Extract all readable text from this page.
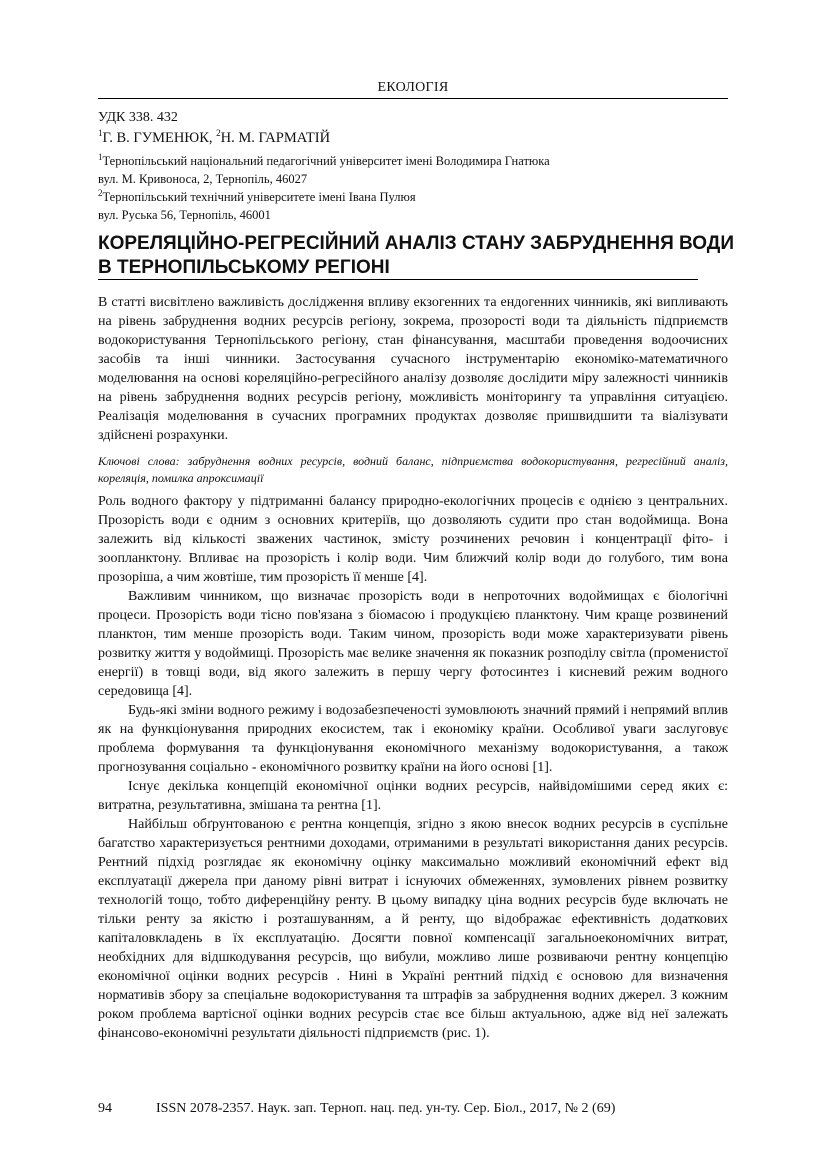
ЕКОЛОГІЯ
УДК 338. 432
$^1$Г. В. ГУМЕНЮК, $^2$Н. М. ГАРМАТІЙ
$^1$Тернопільський національний педагогічний університет імені Володимира Гнатюка
вул. М. Кривоноса, 2, Тернопіль, 46027
$^2$Тернопільський технічний університете імені Івана Пулюя
вул. Руська 56, Тернопіль, 46001
КОРЕЛЯЦІЙНО-РЕГРЕСІЙНИЙ АНАЛІЗ СТАНУ ЗАБРУДНЕННЯ ВОДИ В ТЕРНОПІЛЬСЬКОМУ РЕГІОНІ

В статті висвітлено важливість дослідження впливу екзогенних та ендогенних чинників, які випливають на рівень забруднення водних ресурсів регіону, зокрема, прозорості води та діяльність підприємств водокористування Тернопільського регіону, стан фінансування, масштаби проведення водоочисних засобів та інші чинники. Застосування сучасного інструментарію економіко-математичного моделювання на основі кореляційно-регресійного аналізу дозволяє дослідити міру залежності чинників на рівень забруднення водних ресурсів регіону, можливість моніторингу та управління ситуацією. Реалізація моделювання в сучасних програмних продуктах дозволяє пришвидшити та віалізувати здійснені розрахунки.

Ключові слова: забруднення водних ресурсів, водний баланс, підприємства водокористування, регресійний аналіз, кореляція, помилка апроксимації

Роль водного фактору у підтриманні балансу природно-екологічних процесів є однією з центральних. Прозорість води є одним з основних критеріїв, що дозволяють судити про стан водоймища. Вона залежить від кількості зважених частинок, змісту розчинених речовин і концентрації фіто- і зоопланктону. Впливає на прозорість і колір води. Чим ближчий колір води до голубого, тим вона прозоріша, а чим жовтіше, тим прозорість її менше [4].

Важливим чинником, що визначає прозорість води в непроточних водоймищах є біологічні процеси. Прозорість води тісно пов'язана з біомасою і продукцією планктону. Чим краще розвинений планктон, тим менше прозорість води. Таким чином, прозорість води може характеризувати рівень розвитку життя у водоймищі. Прозорість має велике значення як показник розподілу світла (променистої енергії) в товщі води, від якого залежить в першу чергу фотосинтез і кисневий режим водного середовища [4].

Будь-які зміни водного режиму і водозабезпеченості зумовлюють значний прямий і непрямий вплив як на функціонування природних екосистем, так і економіку країни. Особливої уваги заслуговує проблема формування та функціонування економічного механізму водокористування, а також прогнозування соціально - економічного розвитку країни на його основі [1].

Існує декілька концепцій економічної оцінки водних ресурсів, найвідомішими серед яких є: витратна, результативна, змішана та рентна [1].

Найбільш обґрунтованою є рентна концепція, згідно з якою внесок водних ресурсів в суспільне багатство характеризується рентними доходами, отриманими в результаті використання даних ресурсів. Рентний підхід розглядає як економічну оцінку максимально можливий економічний ефект від експлуатації джерела при даному рівні витрат і існуючих обмеженнях, зумовлених рівнем розвитку технологій тощо, тобто диференційну ренту. В цьому випадку ціна водних ресурсів буде включать не тільки ренту за якістю і розташуванням, а й ренту, що відображає ефективність додаткових капіталовкладень в їх експлуатацію. Досягти повної компенсації загальноекономічних витрат, необхідних для відшкодування ресурсів, що вибули, можливо лише розвиваючи рентну концепцію економічної оцінки водних ресурсів . Нині в Україні рентний підхід є основою для визначення нормативів збору за спеціальне водокористування та штрафів за забруднення водних джерел. З кожним роком проблема вартісної оцінки водних ресурсів стає все більш актуальною, адже від неї залежать фінансово-економічні результати діяльності підприємств (рис. 1).

94	ISSN 2078-2357. Наук. зап. Терноп. нац. пед. ун-ту. Сер. Біол., 2017, № 2 (69)
